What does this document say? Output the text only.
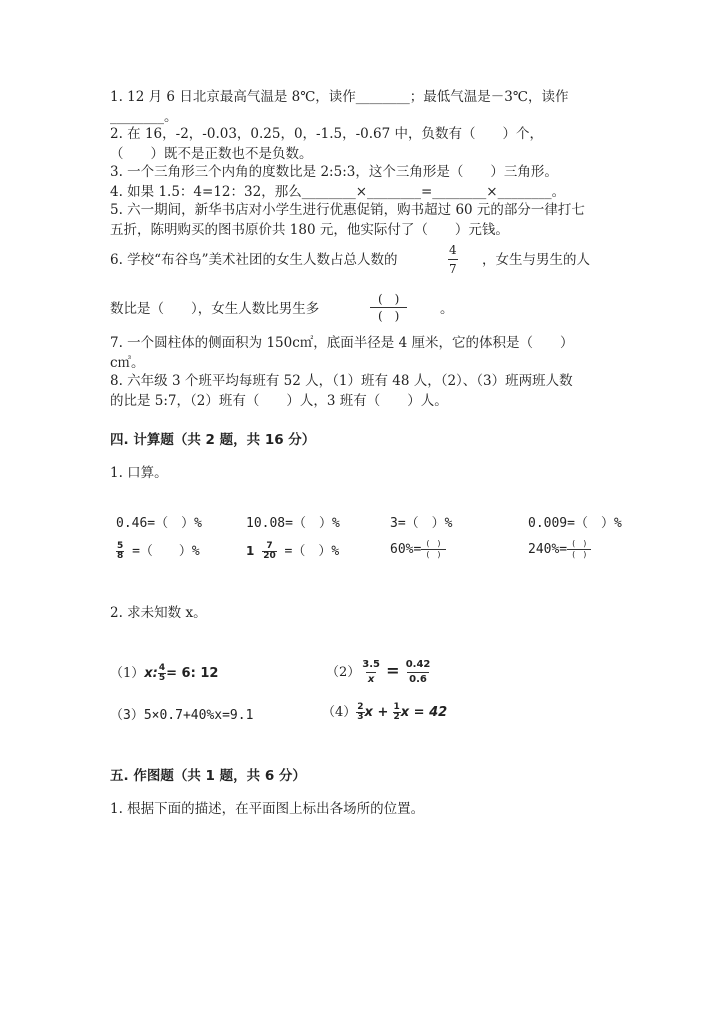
1. 12 月 6 日北京最高气温是 8℃，读作________；最低气温是－3℃，读作
________。
2. 在 16，-2，-0.03，0.25，0，-1.5，-0.67 中，负数有（　　）个，
（　　）既不是正数也不是负数。
3. 一个三角形三个内角的度数比是 2:5:3，这个三角形是（　　）三角形。
4. 如果 1.5：4=12：32，那么________×________=________×________。
5. 六一期间，新华书店对小学生进行优惠促销，购书超过 60 元的部分一律打七
五折，陈明购买的图书原价共 180 元，他实际付了（　　）元钱。
6. 学校“布谷鸟”美术社团的女生人数占总人数的	$\frac{4}{7}$ ，女生与男生的人
数比是（　　），女生人数比男生多
(　)
(　)	。
7. 一个圆柱体的侧面积为 150c㎡，底面半径是 4 厘米，它的体积是（　　）
c㎥。
8. 六年级 3 个班平均每班有 52 人，（1）班有 48 人，（2）、（3）班两班人数
的比是 5:7，（2）班有（　　）人，3 班有（　　）人。
四. 计算题（共 2 题，共 16 分）
1. 口算。
0.46=（　）%	10.08=（　）%	3=（　）%	0.009=（　）%
$\frac{5}{8}$ =（　　）%	$1 \frac{7}{20}$ =（　）%	$60\%= \frac{( )}{( )}$	$240\%= \frac{( )}{( )}$
2. 求未知数 x。
（1）x: $\frac{4}{5} = 6$: 12	$(2) \frac{3.5}{x} = \frac{0.42}{0.6}$
（3）5×0.7+40%x=9.1	$(4) \frac{2}{3}$ $x + \frac{1}{2}$ x = 42
五. 作图题（共 1 题，共 6 分）
1. 根据下面的描述，在平面图上标出各场所的位置。
